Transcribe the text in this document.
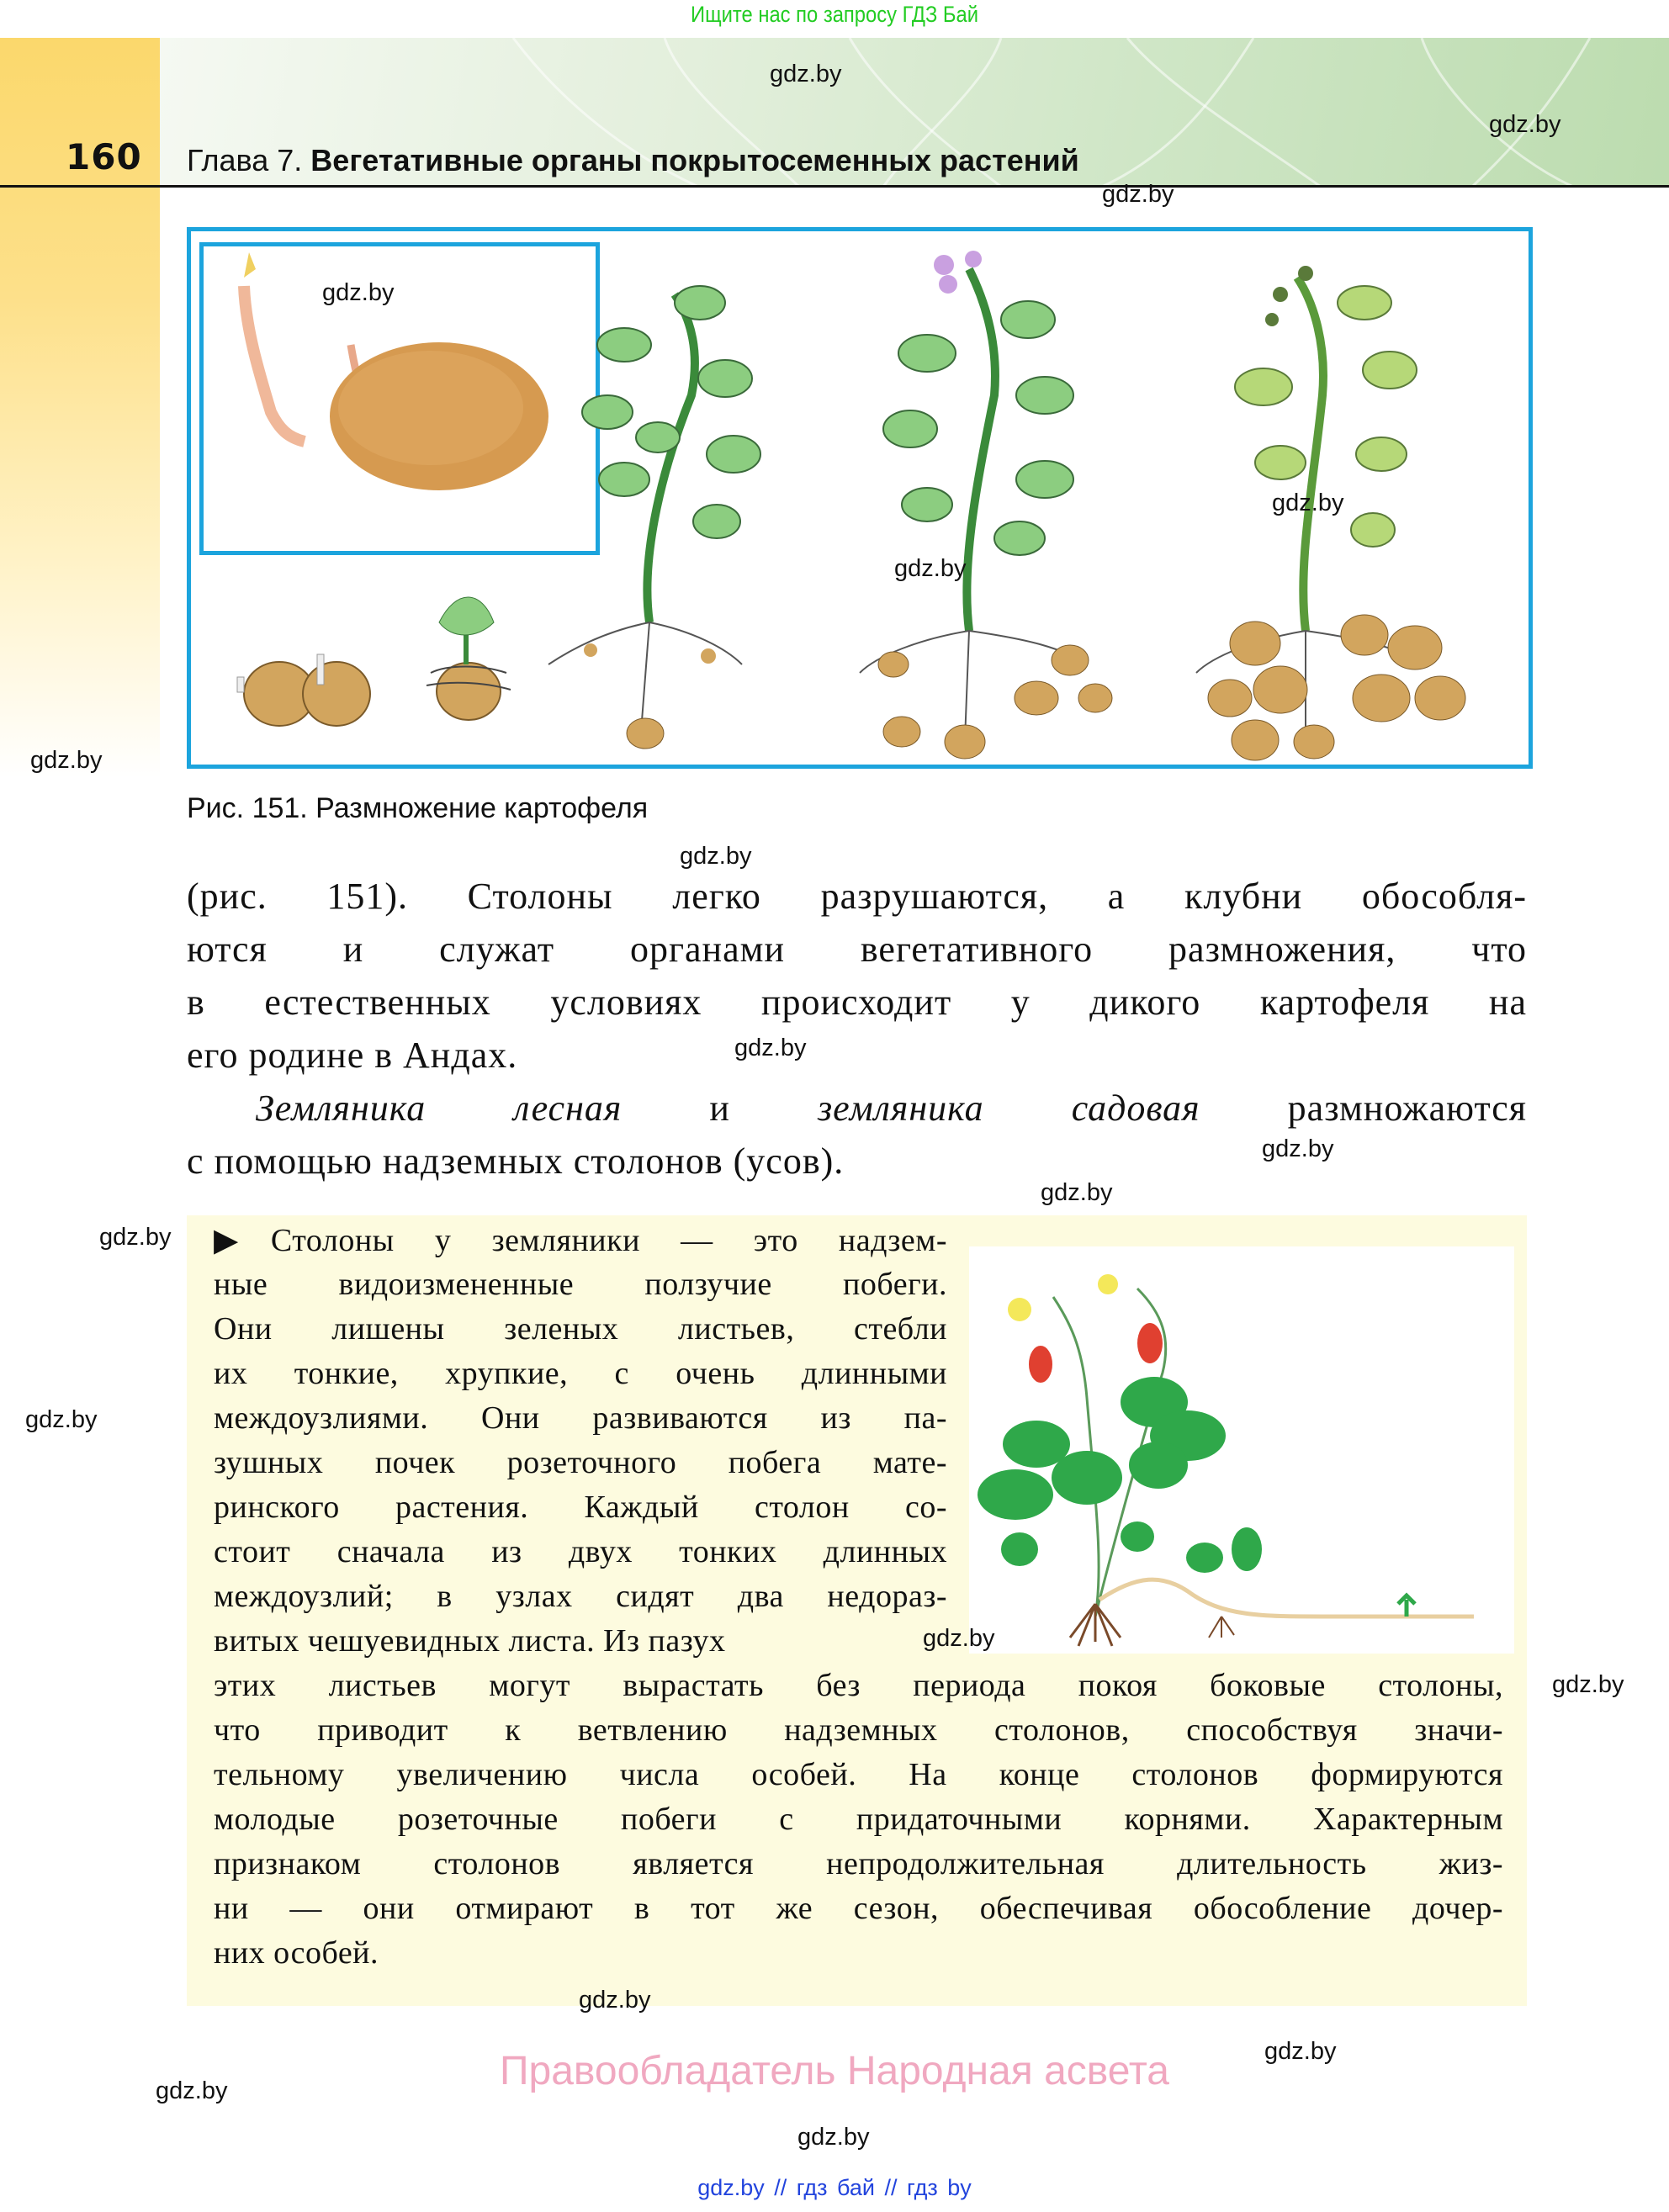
Ищите нас по запросу ГДЗ Бай
160 Глава 7. Вегетативные органы покрытосеменных растений
Рис. 151. Размножение картофеля
(рис. 151). Столоны легко разрушаются, а клубни обособля-
ются и служат органами вегетативного размножения, что
в естественных условиях происходит у дикого картофеля на
его родине в Андах.
Земляника лесная и земляника садовая размножаются
с помощью надземных столонов (усов).
▶Столоны у земляники — это надзем-
ные видоизмененные ползучие побеги.
Они лишены зеленых листьев, стебли
их тонкие, хрупкие, с очень длинными
междоузлиями. Они развиваются из па-
зушных почек розеточного побега мате-
ринского растения. Каждый столон со-
стоит сначала из двух тонких длинных
междоузлий; в узлах сидят два недораз-
витых чешуевидных листа. Из пазух
этих листьев могут вырастать без периода покоя боковые столоны,
что приводит к ветвлению надземных столонов, способствуя значи-
тельному увеличению числа особей. На конце столонов формируются
молодые розеточные побеги с придаточными корнями. Характерным
признаком столонов является непродолжительная длительность жиз-
ни — они отмирают в тот же сезон, обеспечивая обособление дочер-
них особей.
gdz.by
gdz.by
gdz.by
gdz.by
gdz.by
gdz.by
gdz.by
gdz.by
gdz.by
gdz.by
gdz.by
gdz.by
gdz.by
gdz.by
gdz.by
gdz.by
gdz.by
gdz.by
gdz.by
Правообладатель Народная асвета
gdz.by // гдз бай // гдз by
